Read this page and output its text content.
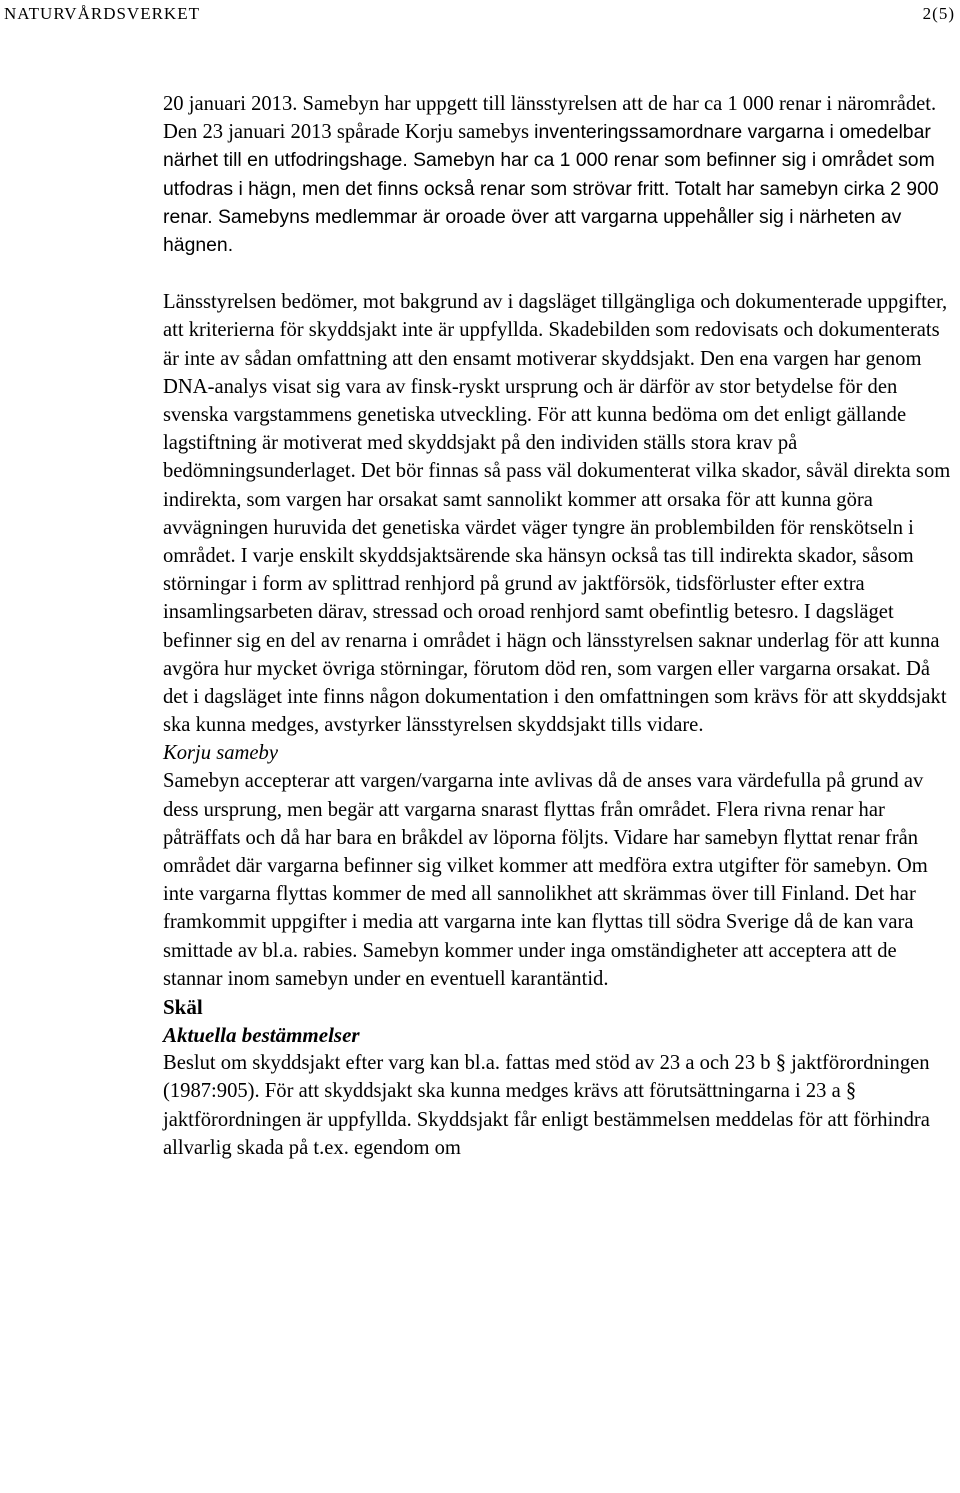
NATURVÅRDSVERKET	2(5)

20 januari 2013. Samebyn har uppgett till länsstyrelsen att de har ca 1 000 renar i närområdet. Den 23 januari 2013 spårade Korju samebys inventeringssamordnare vargarna i omedelbar närhet till en utfodringshage. Samebyn har ca 1 000 renar som befinner sig i området som utfodras i hägn, men det finns också renar som strövar fritt. Totalt har samebyn cirka 2 900 renar. Samebyns medlemmar är oroade över att vargarna uppehåller sig i närheten av hägnen.

Länsstyrelsen bedömer, mot bakgrund av i dagsläget tillgängliga och dokumenterade uppgifter, att kriterierna för skyddsjakt inte är uppfyllda. Skadebilden som redovisats och dokumenterats är inte av sådan omfattning att den ensamt motiverar skyddsjakt. Den ena vargen har genom DNA-analys visat sig vara av finsk-ryskt ursprung och är därför av stor betydelse för den svenska vargstammens genetiska utveckling. För att kunna bedöma om det enligt gällande lagstiftning är motiverat med skyddsjakt på den individen ställs stora krav på bedömningsunderlaget. Det bör finnas så pass väl dokumenterat vilka skador, såväl direkta som indirekta, som vargen har orsakat samt sannolikt kommer att orsaka för att kunna göra avvägningen huruvida det genetiska värdet väger tyngre än problembilden för renskötseln i området. I varje enskilt skyddsjaktsärende ska hänsyn också tas till indirekta skador, såsom störningar i form av splittrad renhjord på grund av jaktförsök, tidsförluster efter extra insamlingsarbeten därav, stressad och oroad renhjord samt obefintlig betesro. I dagsläget befinner sig en del av renarna i området i hägn och länsstyrelsen saknar underlag för att kunna avgöra hur mycket övriga störningar, förutom död ren, som vargen eller vargarna orsakat. Då det i dagsläget inte finns någon dokumentation i den omfattningen som krävs för att skyddsjakt ska kunna medges, avstyrker länsstyrelsen skyddsjakt tills vidare.

Korju sameby

Samebyn accepterar att vargen/vargarna inte avlivas då de anses vara värdefulla på grund av dess ursprung, men begär att vargarna snarast flyttas från området. Flera rivna renar har påträffats och då har bara en bråkdel av löporna följts. Vidare har samebyn flyttat renar från området där vargarna befinner sig vilket kommer att medföra extra utgifter för samebyn. Om inte vargarna flyttas kommer de med all sannolikhet att skrämmas över till Finland. Det har framkommit uppgifter i media att vargarna inte kan flyttas till södra Sverige då de kan vara smittade av bl.a. rabies. Samebyn kommer under inga omständigheter att acceptera att de stannar inom samebyn under en eventuell karantäntid.

Skäl

Aktuella bestämmelser

Beslut om skyddsjakt efter varg kan bl.a. fattas med stöd av 23 a och 23 b § jaktförordningen (1987:905). För att skyddsjakt ska kunna medges krävs att förutsättningarna i 23 a § jaktförordningen är uppfyllda. Skyddsjakt får enligt bestämmelsen meddelas för att förhindra allvarlig skada på t.ex. egendom om
